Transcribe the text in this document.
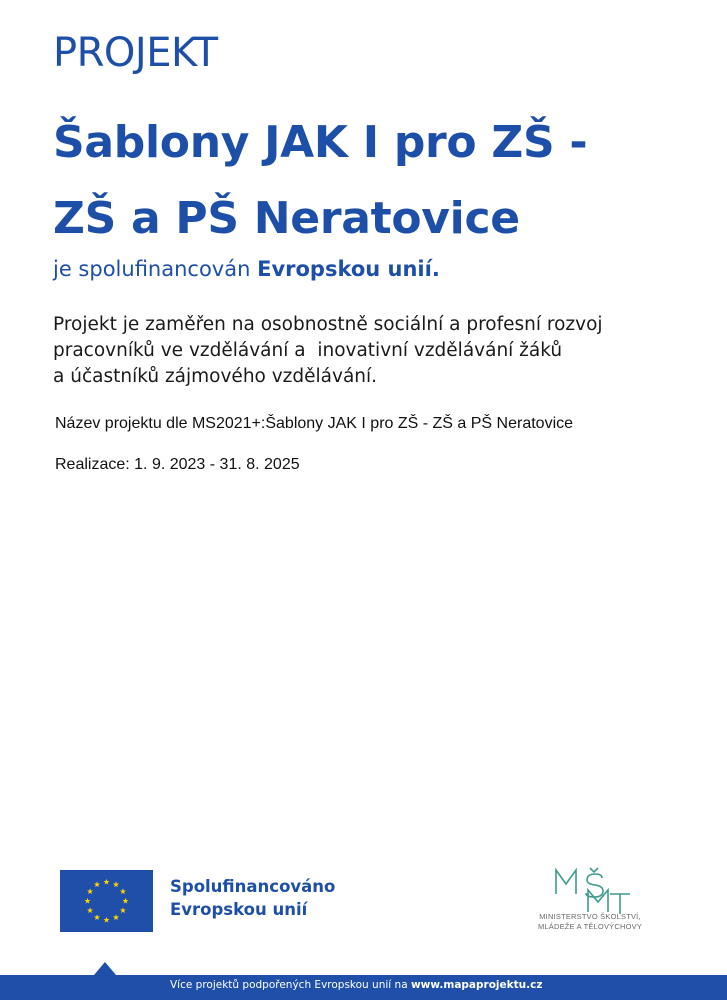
PROJEKT
Šablony JAK I pro ZŠ -
ZŠ a PŠ Neratovice
je spolufinancován Evropskou unií.
Projekt je zaměřen na osobnostně sociální a profesní rozvoj
pracovníků ve vzdělávání a  inovativní vzdělávání žáků
a účastníků zájmového vzdělávání.
Název projektu dle MS2021+:Šablony JAK I pro ZŠ - ZŠ a PŠ Neratovice
Realizace: 1. 9. 2023 - 31. 8. 2025
Spolufinancováno
Evropskou unií	MINISTERSTVO ŠKOLSTVÍ,
MLÁDEŽE A TĚLOVÝCHOVY
Více projektů podpořených Evropskou unií na www.mapaprojektu.cz
